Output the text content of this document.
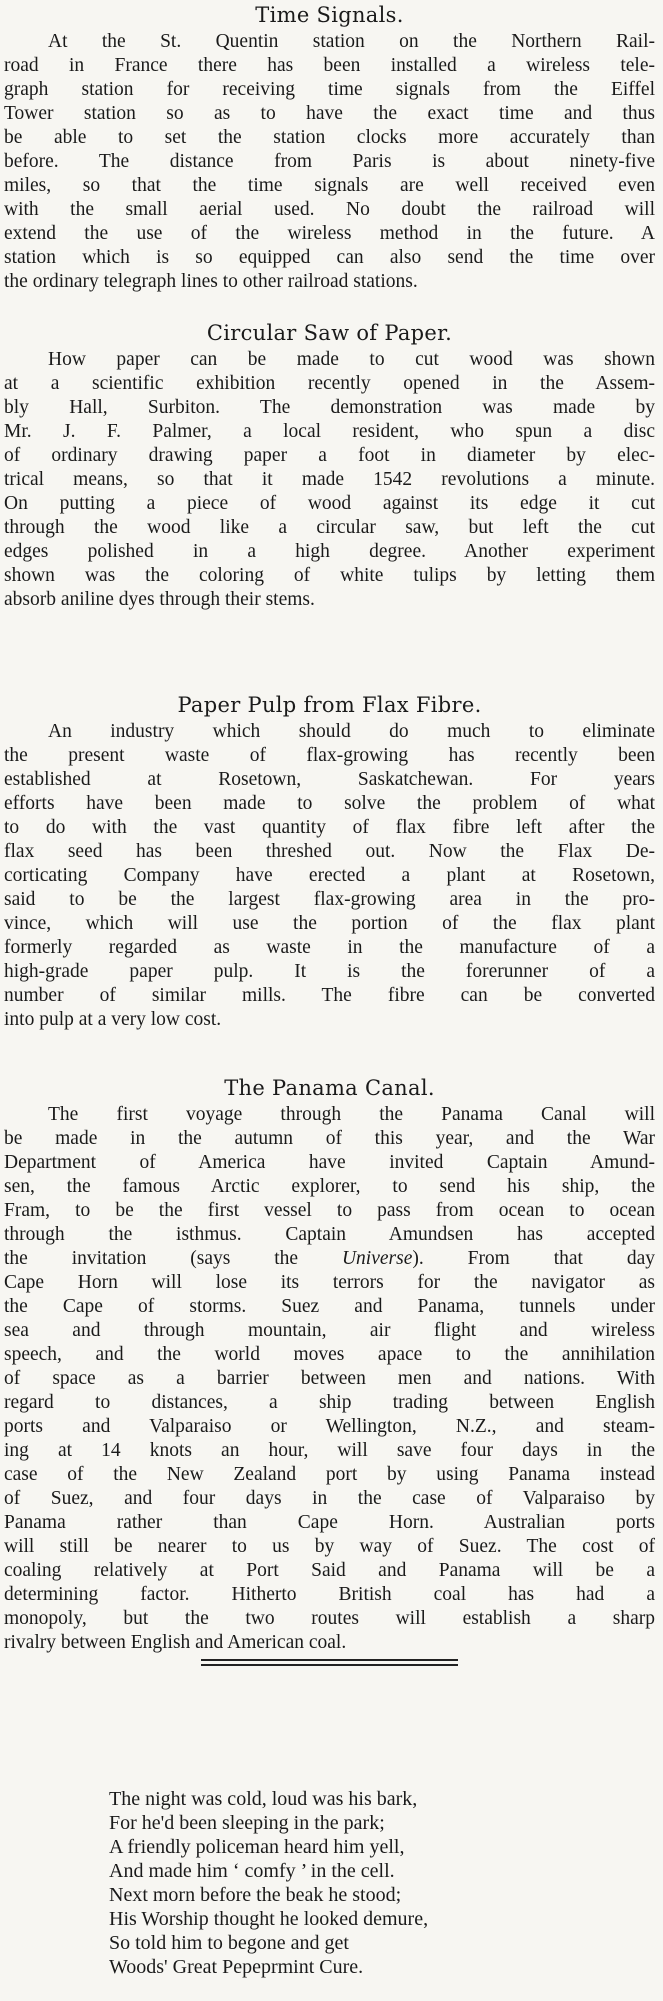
Time Signals.
At the St. Quentin station on the Northern Rail-
road in France there has been installed a wireless tele-
graph station for receiving time signals from the Eiffel
Tower station so as to have the exact time and thus
be able to set the station clocks more accurately than
before. The distance from Paris is about ninety-five
miles, so that the time signals are well received even
with the small aerial used. No doubt the railroad will
extend the use of the wireless method in the future. A
station which is so equipped can also send the time over
the ordinary telegraph lines to other railroad stations.
Circular Saw of Paper.
How paper can be made to cut wood was shown
at a scientific exhibition recently opened in the Assem-
bly Hall, Surbiton. The demonstration was made by
Mr. J. F. Palmer, a local resident, who spun a disc
of ordinary drawing paper a foot in diameter by elec-
trical means, so that it made 1542 revolutions a minute.
On putting a piece of wood against its edge it cut
through the wood like a circular saw, but left the cut
edges polished in a high degree. Another experiment
shown was the coloring of white tulips by letting them
absorb aniline dyes through their stems.
Paper Pulp from Flax Fibre.
An industry which should do much to eliminate
the present waste of flax-growing has recently been
established at Rosetown, Saskatchewan. For years
efforts have been made to solve the problem of what
to do with the vast quantity of flax fibre left after the
flax seed has been threshed out. Now the Flax De-
corticating Company have erected a plant at Rosetown,
said to be the largest flax-growing area in the pro-
vince, which will use the portion of the flax plant
formerly regarded as waste in the manufacture of a
high-grade paper pulp. It is the forerunner of a
number of similar mills. The fibre can be converted
into pulp at a very low cost.
The Panama Canal.
The first voyage through the Panama Canal will
be made in the autumn of this year, and the War
Department of America have invited Captain Amund-
sen, the famous Arctic explorer, to send his ship, the
Fram, to be the first vessel to pass from ocean to ocean
through the isthmus. Captain Amundsen has accepted
the invitation (says the Universe). From that day
Cape Horn will lose its terrors for the navigator as
the Cape of storms. Suez and Panama, tunnels under
sea and through mountain, air flight and wireless
speech, and the world moves apace to the annihilation
of space as a barrier between men and nations. With
regard to distances, a ship trading between English
ports and Valparaiso or Wellington, N.Z., and steam-
ing at 14 knots an hour, will save four days in the
case of the New Zealand port by using Panama instead
of Suez, and four days in the case of Valparaiso by
Panama rather than Cape Horn. Australian ports
will still be nearer to us by way of Suez. The cost of
coaling relatively at Port Said and Panama will be a
determining factor. Hitherto British coal has had a
monopoly, but the two routes will establish a sharp
rivalry between English and American coal.
The night was cold, loud was his bark,
For he'd been sleeping in the park;
A friendly policeman heard him yell,
And made him ‘ comfy ’ in the cell.
Next morn before the beak he stood;
His Worship thought he looked demure,
So told him to begone and get
Woods' Great Pepeprmint Cure.
